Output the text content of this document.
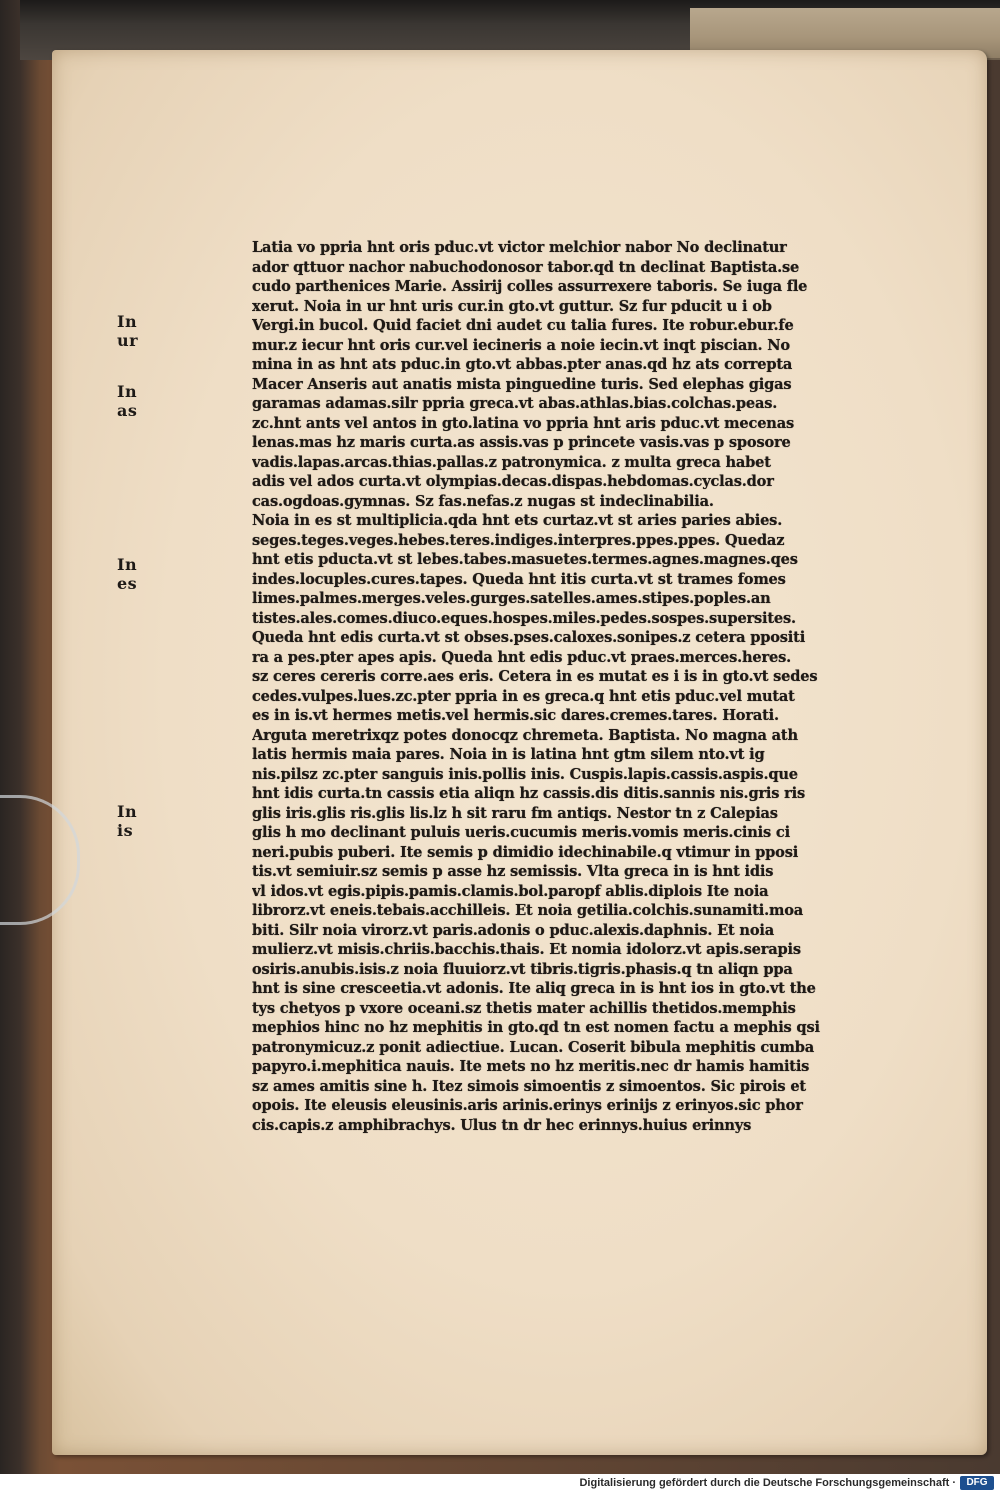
In ur
In as
In es
In is
Latia vo ppria hnt oris pduc.vt victor melchior nabor No declinatur
ador qttuor nachor nabuchodonosor tabor.qd tn declinat Baptista.se
cudo parthenices Marie. Assirij colles assurrexere taboris. Se iuga fle
xerut. Noia in ur hnt uris cur.in gto.vt guttur. Sz fur pducit u i ob
Vergi.in bucol. Quid faciet dni audet cu talia fures. Ite robur.ebur.fe
mur.z iecur hnt oris cur.vel iecineris a noie iecin.vt inqt piscian. No
mina in as hnt ats pduc.in gto.vt abbas.pter anas.qd hz ats correpta
Macer Anseris aut anatis mista pinguedine turis. Sed elephas gigas
garamas adamas.silr ppria greca.vt abas.athlas.bias.colchas.peas.
zc.hnt ants vel antos in gto.latina vo ppria hnt aris pduc.vt mecenas
lenas.mas hz maris curta.as assis.vas p princete vasis.vas p sposore
vadis.lapas.arcas.thias.pallas.z patronymica. z multa greca habet
adis vel ados curta.vt olympias.decas.dispas.hebdomas.cyclas.dor
cas.ogdoas.gymnas. Sz fas.nefas.z nugas st indeclinabilia.
Noia in es st multiplicia.qda hnt ets curtaz.vt st aries paries abies.
seges.teges.veges.hebes.teres.indiges.interpres.ppes.ppes. Quedaz
hnt etis pducta.vt st lebes.tabes.masuetes.termes.agnes.magnes.qes
indes.locuples.cures.tapes. Queda hnt itis curta.vt st trames fomes
limes.palmes.merges.veles.gurges.satelles.ames.stipes.poples.an
tistes.ales.comes.diuco.eques.hospes.miles.pedes.sospes.supersites.
Queda hnt edis curta.vt st obses.pses.caloxes.sonipes.z cetera ppositi
ra a pes.pter apes apis. Queda hnt edis pduc.vt praes.merces.heres.
sz ceres cereris corre.aes eris. Cetera in es mutat es i is in gto.vt sedes
cedes.vulpes.lues.zc.pter ppria in es greca.q hnt etis pduc.vel mutat
es in is.vt hermes metis.vel hermis.sic dares.cremes.tares. Horati.
Arguta meretrixqz potes donocqz chremeta. Baptista. No magna ath
latis hermis maia pares. Noia in is latina hnt gtm silem nto.vt ig
nis.pilsz zc.pter sanguis inis.pollis inis. Cuspis.lapis.cassis.aspis.que
hnt idis curta.tn cassis etia aliqn hz cassis.dis ditis.sannis nis.gris ris
glis iris.glis ris.glis lis.lz h sit raru fm antiqs. Nestor tn z Calepias
glis h mo declinant puluis ueris.cucumis meris.vomis meris.cinis ci
neri.pubis puberi. Ite semis p dimidio idechinabile.q vtimur in pposi
tis.vt semiuir.sz semis p asse hz semissis. Vlta greca in is hnt idis
vl idos.vt egis.pipis.pamis.clamis.bol.paropf ablis.diplois Ite noia
librorz.vt eneis.tebais.acchilleis. Et noia getilia.colchis.sunamiti.moa
biti. Silr noia virorz.vt paris.adonis o pduc.alexis.daphnis. Et noia
mulierz.vt misis.chriis.bacchis.thais. Et nomia idolorz.vt apis.serapis
osiris.anubis.isis.z noia fluuiorz.vt tibris.tigris.phasis.q tn aliqn ppa
hnt is sine cresceetia.vt adonis. Ite aliq greca in is hnt ios in gto.vt the
tys chetyos p vxore oceani.sz thetis mater achillis thetidos.memphis
mephios hinc no hz mephitis in gto.qd tn est nomen factu a mephis qsi
patronymicuz.z ponit adiectiue. Lucan. Coserit bibula mephitis cumba
papyro.i.mephitica nauis. Ite mets no hz meritis.nec dr hamis hamitis
sz ames amitis sine h. Itez simois simoentis z simoentos. Sic pirois et
opois. Ite eleusis eleusinis.aris arinis.erinys erinijs z erinyos.sic phor
cis.capis.z amphibrachys. Ulus tn dr hec erinnys.huius erinnys
Digitalisierung gefördert durch die Deutsche Forschungsgemeinschaft ·	DFG
